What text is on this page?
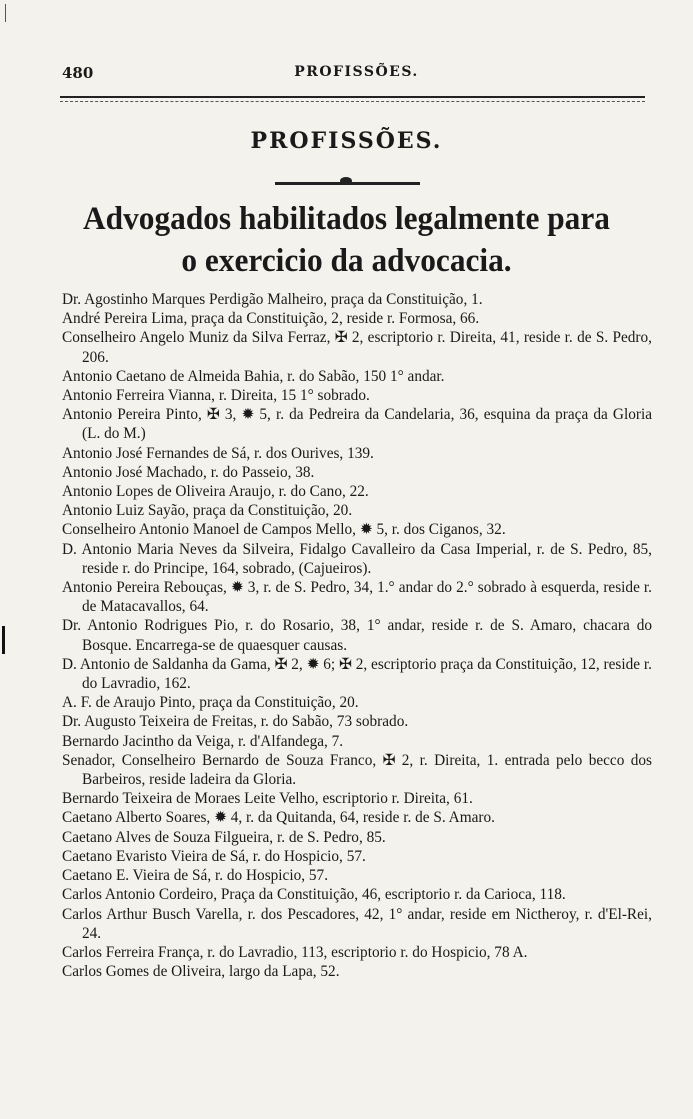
480	PROFISSÕES.
PROFISSÕES.
Advogados habilitados legalmente para
o exercicio da advocacia.

Dr. Agostinho Marques Perdigão Malheiro, praça da Constituição, 1.

André Pereira Lima, praça da Constituição, 2, reside r. Formosa, 66.

Conselheiro Angelo Muniz da Silva Ferraz, ✠ 2, escriptorio r. Direita, 41, reside r. de S. Pedro, 206.

Antonio Caetano de Almeida Bahia, r. do Sabão, 150 1° andar.

Antonio Ferreira Vianna, r. Direita, 15 1° sobrado.

Antonio Pereira Pinto, ✠ 3, ✹ 5, r. da Pedreira da Candelaria, 36, esquina da praça da Gloria (L. do M.)

Antonio José Fernandes de Sá, r. dos Ourives, 139.

Antonio José Machado, r. do Passeio, 38.

Antonio Lopes de Oliveira Araujo, r. do Cano, 22.

Antonio Luiz Sayão, praça da Constituição, 20.

Conselheiro Antonio Manoel de Campos Mello, ✹ 5, r. dos Ciganos, 32.

D. Antonio Maria Neves da Silveira, Fidalgo Cavalleiro da Casa Imperial, r. de S. Pedro, 85, reside r. do Principe, 164, sobrado, (Cajueiros).

Antonio Pereira Rebouças, ✹ 3, r. de S. Pedro, 34, 1.° andar do 2.° sobrado à esquerda, reside r. de Matacavallos, 64.

Dr. Antonio Rodrigues Pio, r. do Rosario, 38, 1° andar, reside r. de S. Amaro, chacara do Bosque. Encarrega-se de quaesquer causas.

D. Antonio de Saldanha da Gama, ✠ 2, ✹ 6; ✠ 2, escriptorio praça da Constituição, 12, reside r. do Lavradio, 162.

A. F. de Araujo Pinto, praça da Constituição, 20.

Dr. Augusto Teixeira de Freitas, r. do Sabão, 73 sobrado.

Bernardo Jacintho da Veiga, r. d'Alfandega, 7.

Senador, Conselheiro Bernardo de Souza Franco, ✠ 2, r. Direita, 1. entrada pelo becco dos Barbeiros, reside ladeira da Gloria.

Bernardo Teixeira de Moraes Leite Velho, escriptorio r. Direita, 61.

Caetano Alberto Soares, ✹ 4, r. da Quitanda, 64, reside r. de S. Amaro.

Caetano Alves de Souza Filgueira, r. de S. Pedro, 85.

Caetano Evaristo Vieira de Sá, r. do Hospicio, 57.

Caetano E. Vieira de Sá, r. do Hospicio, 57.

Carlos Antonio Cordeiro, Praça da Constituição, 46, escriptorio r. da Carioca, 118.

Carlos Arthur Busch Varella, r. dos Pescadores, 42, 1° andar, reside em Nictheroy, r. d'El-Rei, 24.

Carlos Ferreira França, r. do Lavradio, 113, escriptorio r. do Hospicio, 78 A.

Carlos Gomes de Oliveira, largo da Lapa, 52.
